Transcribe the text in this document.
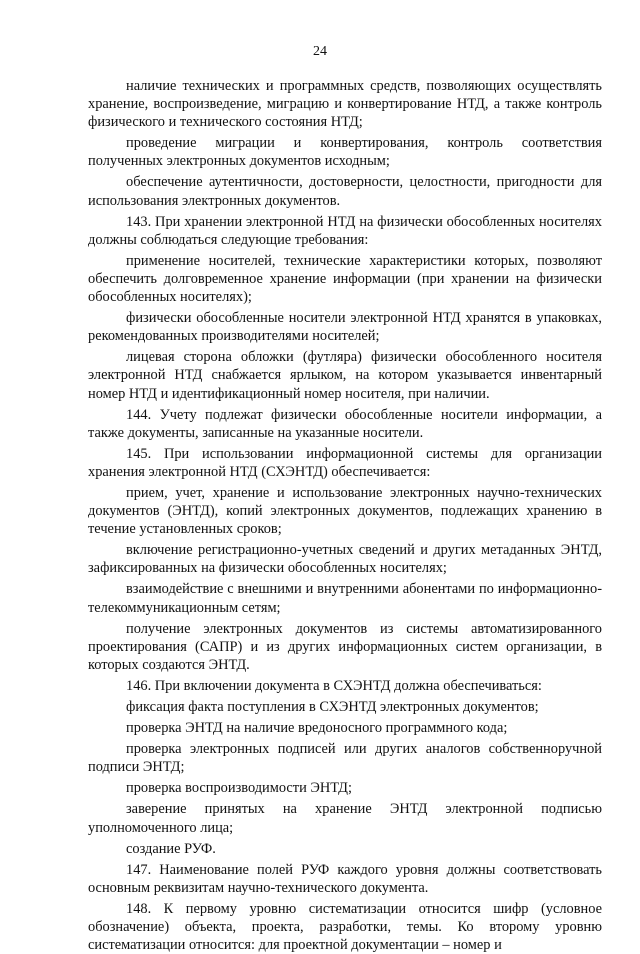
24

наличие технических и программных средств, позволяющих осуществлять хранение, воспроизведение, миграцию и конвертирование НТД, а также контроль физического и технического состояния НТД;

проведение миграции и конвертирования, контроль соответствия полученных электронных документов исходным;

обеспечение аутентичности, достоверности, целостности, пригодности для использования электронных документов.

143. При хранении электронной НТД на физически обособленных носителях должны соблюдаться следующие требования:

применение носителей, технические характеристики которых, позволяют обеспечить долговременное хранение информации (при хранении на физически обособленных носителях);

физически обособленные носители электронной НТД хранятся в упаковках, рекомендованных производителями носителей;

лицевая сторона обложки (футляра) физически обособленного носителя электронной НТД снабжается ярлыком, на котором указывается инвентарный номер НТД и идентификационный номер носителя, при наличии.

144. Учету подлежат физически обособленные носители информации, а также документы, записанные на указанные носители.

145. При использовании информационной системы для организации хранения электронной НТД (СХЭНТД) обеспечивается:

прием, учет, хранение и использование электронных научно-технических документов (ЭНТД), копий электронных документов, подлежащих хранению в течение установленных сроков;

включение регистрационно-учетных сведений и других метаданных ЭНТД, зафиксированных на физически обособленных носителях;

взаимодействие с внешними и внутренними абонентами по информационно-телекоммуникационным сетям;

получение электронных документов из системы автоматизированного проектирования (САПР) и из других информационных систем организации, в которых создаются ЭНТД.

146. При включении документа в СХЭНТД должна обеспечиваться:

фиксация факта поступления в СХЭНТД электронных документов;

проверка ЭНТД на наличие вредоносного программного кода;

проверка электронных подписей или других аналогов собственноручной подписи ЭНТД;

проверка воспроизводимости ЭНТД;

заверение принятых на хранение ЭНТД электронной подписью уполномоченного лица;

создание РУФ.

147. Наименование полей РУФ каждого уровня должны соответствовать основным реквизитам научно-технического документа.

148. К первому уровню систематизации относится шифр (условное обозначение) объекта, проекта, разработки, темы. Ко второму уровню систематизации относится: для проектной документации – номер и
